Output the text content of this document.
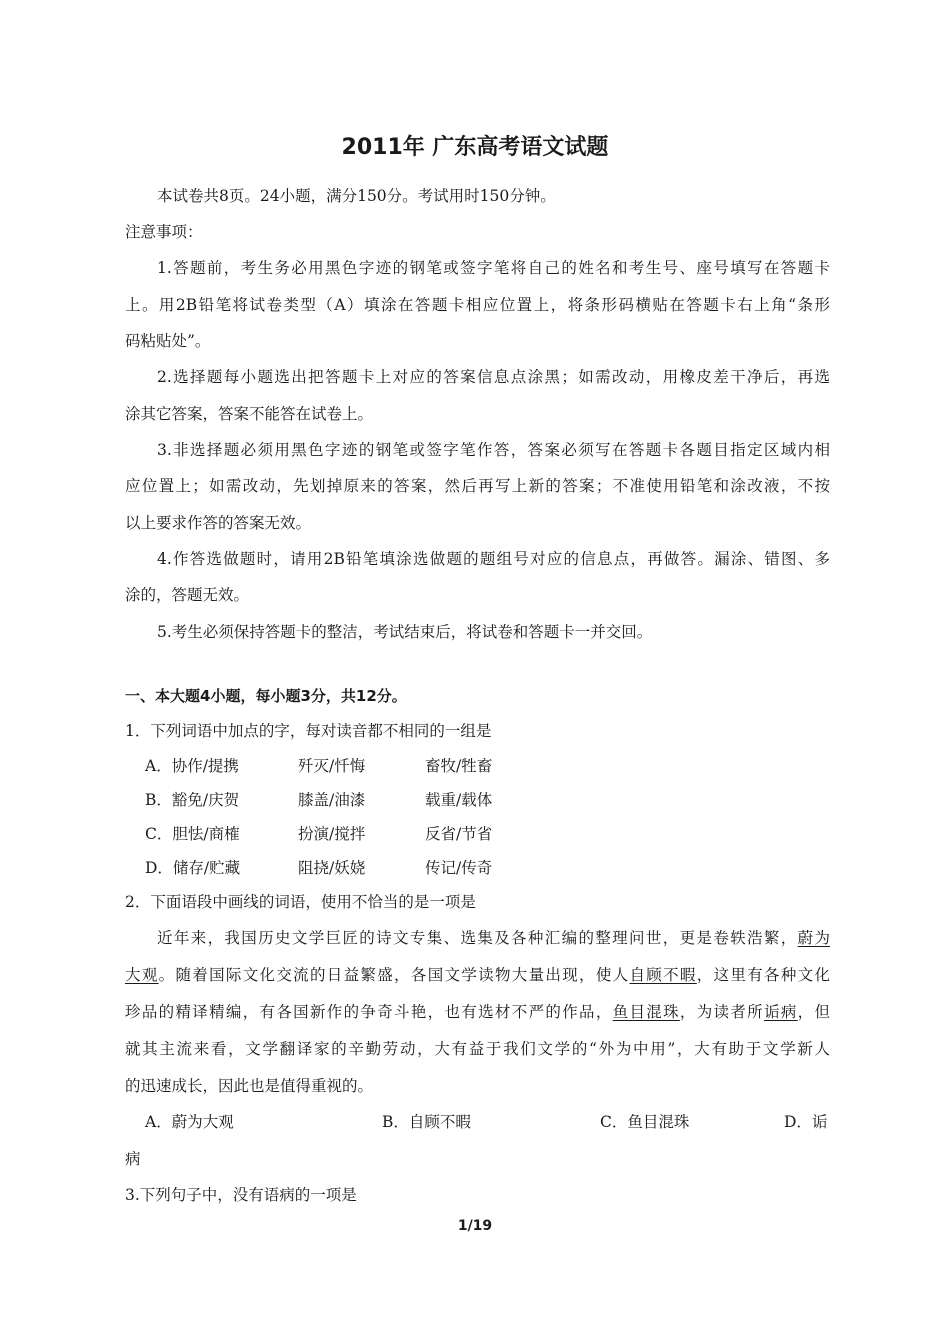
2011年 广东高考语文试题
本试卷共8页。24小题，满分150分。考试用时150分钟。
注意事项：
1.答题前，考生务必用黑色字迹的钢笔或签字笔将自己的姓名和考生号、座号填写在答题卡
上。用2B铅笔将试卷类型（A）填涂在答题卡相应位置上，将条形码横贴在答题卡右上角“条形
码粘贴处”。
2.选择题每小题选出把答题卡上对应的答案信息点涂黑；如需改动，用橡皮差干净后，再选
涂其它答案，答案不能答在试卷上。
3.非选择题必须用黑色字迹的钢笔或签字笔作答，答案必须写在答题卡各题目指定区域内相
应位置上；如需改动，先划掉原来的答案，然后再写上新的答案；不准使用铅笔和涂改液，不按
以上要求作答的答案无效。
4.作答选做题时，请用2B铅笔填涂选做题的题组号对应的信息点，再做答。漏涂、错图、多
涂的，答题无效。
5.考生必须保持答题卡的整洁，考试结束后，将试卷和答题卡一并交回。
一、本大题4小题，每小题3分，共12分。
1．下列词语中加点的字，每对读音都不相同的一组是
A．协作/提携	歼灭/忏悔	畜牧/牲畜
B．豁免/庆贺	膝盖/油漆	载重/载体
C．胆怯/商榷	扮演/搅拌	反省/节省
D．储存/贮藏	阻挠/妖娆	传记/传奇
2．下面语段中画线的词语，使用不恰当的是一项是
近年来，我国历史文学巨匠的诗文专集、选集及各种汇编的整理问世，更是卷轶浩繁，蔚为
大观。随着国际文化交流的日益繁盛，各国文学读物大量出现，使人自顾不暇，这里有各种文化
珍品的精译精编，有各国新作的争奇斗艳，也有选材不严的作品，鱼目混珠，为读者所诟病，但
就其主流来看，文学翻译家的辛勤劳动，大有益于我们文学的“外为中用”，大有助于文学新人
的迅速成长，因此也是值得重视的。
A．蔚为大观	B．自顾不暇	C．鱼目混珠	D．诟
病
3.下列句子中，没有语病的一项是
1/19
